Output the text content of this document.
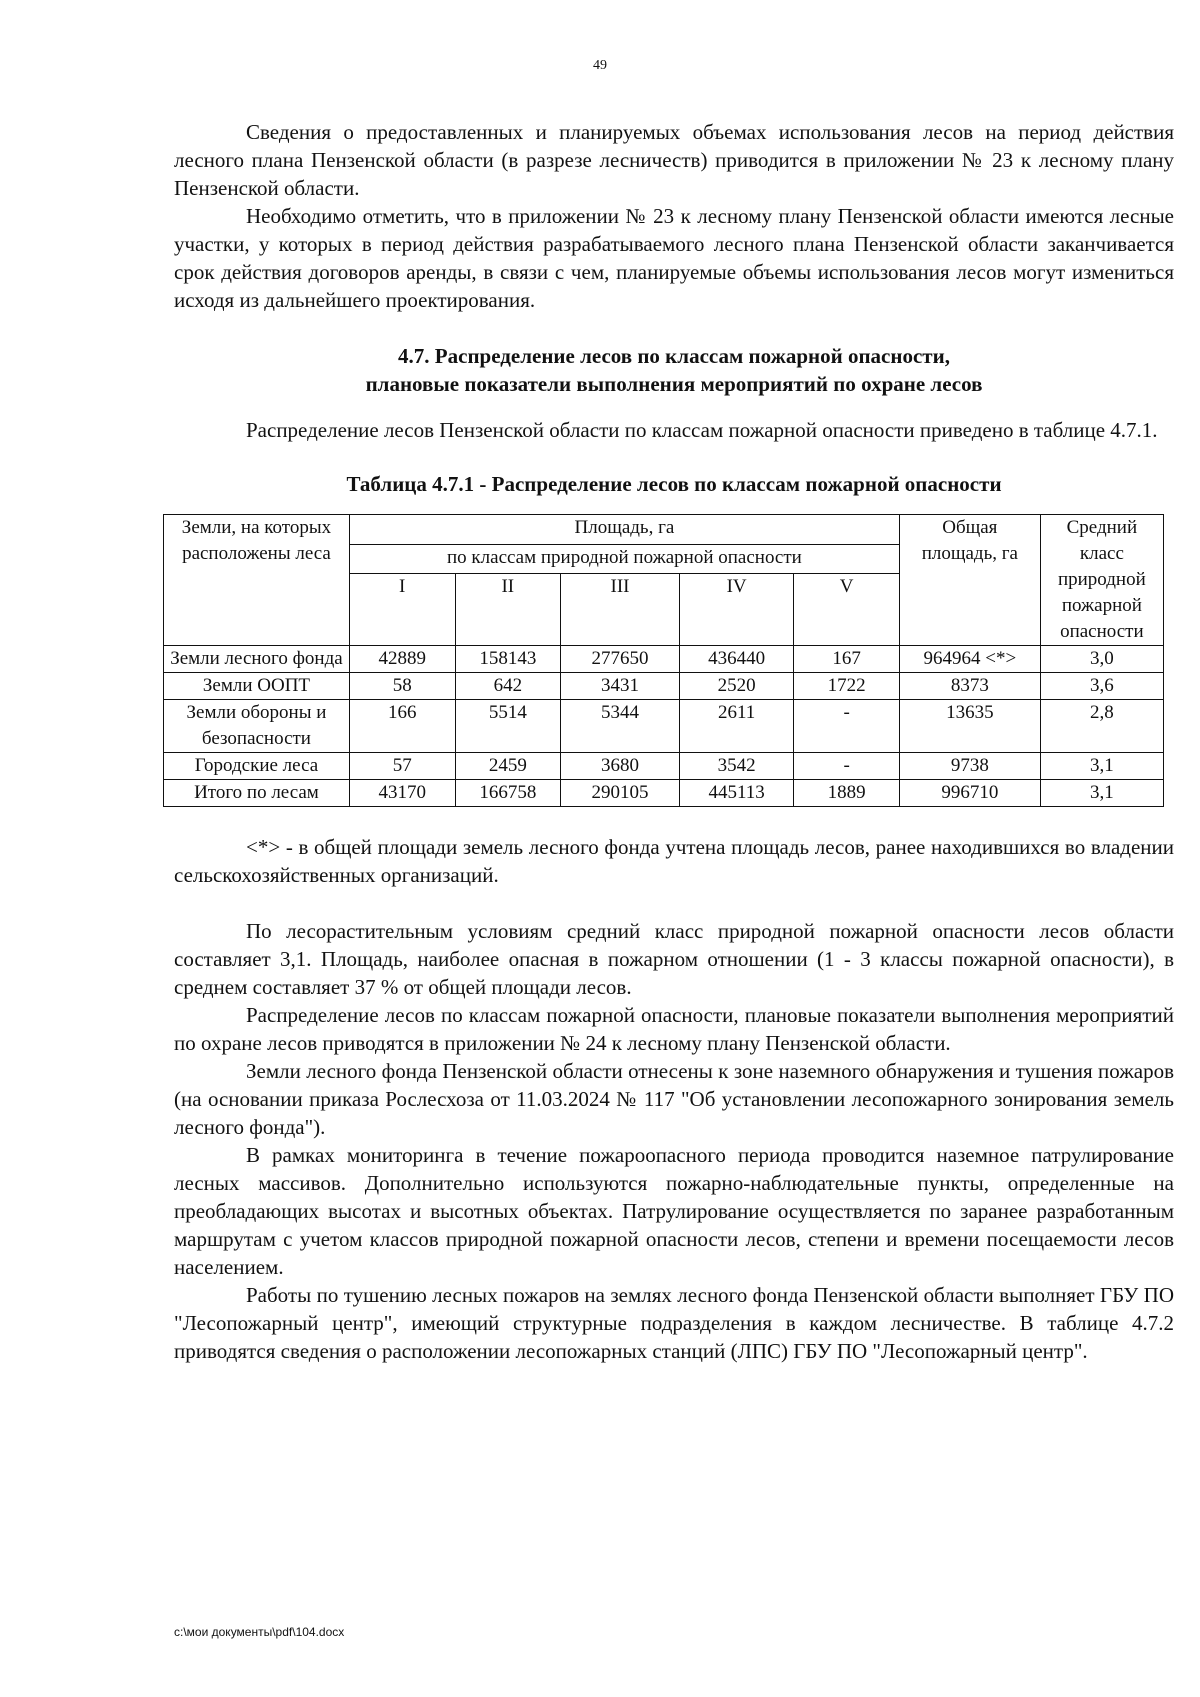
49

Сведения о предоставленных и планируемых объемах использования лесов на период действия лесного плана Пензенской области (в разрезе лесничеств) приводится в приложении № 23 к лесному плану Пензенской области.

Необходимо отметить, что в приложении № 23 к лесному плану Пензенской области имеются лесные участки, у которых в период действия разрабатываемого лесного плана Пензенской области заканчивается срок действия договоров аренды, в связи с чем, планируемые объемы использования лесов могут измениться исходя из дальнейшего проектирования.

4.7. Распределение лесов по классам пожарной опасности,
плановые показатели выполнения мероприятий по охране лесов

Распределение лесов Пензенской области по классам пожарной опасности приведено в таблице 4.7.1.

Таблица 4.7.1 - Распределение лесов по классам пожарной опасности
Земли, на которых расположены леса	Площадь, га					Общая площадь, га	Средний класс природной пожарной опасности
	по классам природной пожарной опасности						
	I	II	III	IV	V		
Земли лесного фонда	42889	158143	277650	436440	167	964964 <*>	3,0
Земли ООПТ	58	642	3431	2520	1722	8373	3,6
Земли обороны и безопасности	166	5514	5344	2611	-	13635	2,8
Городские леса	57	2459	3680	3542	-	9738	3,1
Итого по лесам	43170	166758	290105	445113	1889	996710	3,1

<*> - в общей площади земель лесного фонда учтена площадь лесов, ранее находившихся во владении сельскохозяйственных организаций.

По лесорастительным условиям средний класс природной пожарной опасности лесов области составляет 3,1. Площадь, наиболее опасная в пожарном отношении (1 - 3 классы пожарной опасности), в среднем составляет 37 % от общей площади лесов.

Распределение лесов по классам пожарной опасности, плановые показатели выполнения мероприятий по охране лесов приводятся в приложении № 24 к лесному плану Пензенской области.

Земли лесного фонда Пензенской области отнесены к зоне наземного обнаружения и тушения пожаров (на основании приказа Рослесхоза от 11.03.2024 № 117 "Об установлении лесопожарного зонирования земель лесного фонда").

В рамках мониторинга в течение пожароопасного периода проводится наземное патрулирование лесных массивов. Дополнительно используются пожарно-наблюдательные пункты, определенные на преобладающих высотах и высотных объектах. Патрулирование осуществляется по заранее разработанным маршрутам с учетом классов природной пожарной опасности лесов, степени и времени посещаемости лесов населением.

Работы по тушению лесных пожаров на землях лесного фонда Пензенской области выполняет ГБУ ПО "Лесопожарный центр", имеющий структурные подразделения в каждом лесничестве. В таблице 4.7.2 приводятся сведения о расположении лесопожарных станций (ЛПС) ГБУ ПО "Лесопожарный центр".

c:\мои документы\pdf\104.docx
